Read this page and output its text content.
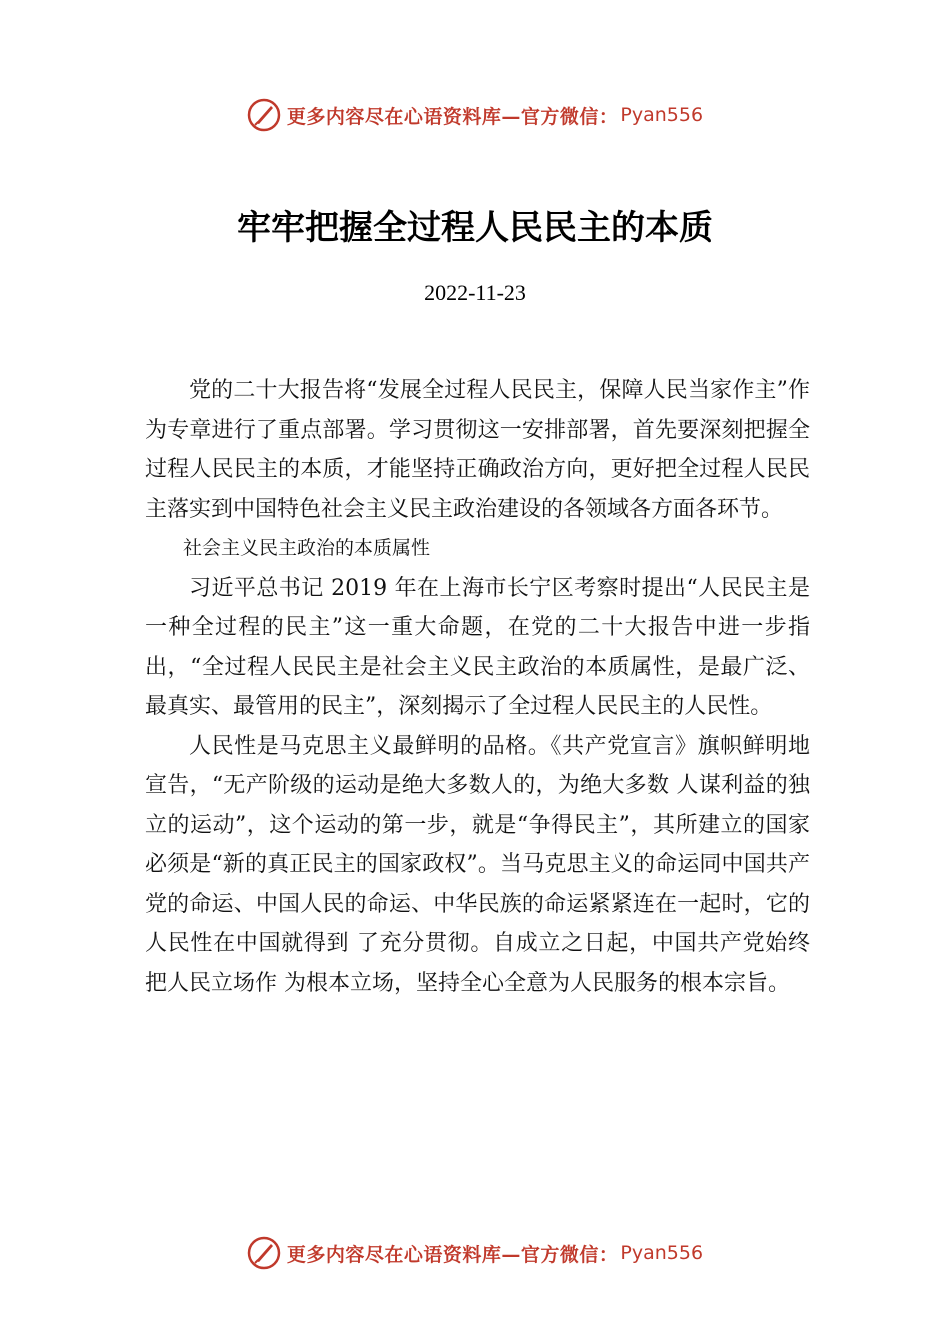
更多内容尽在心语资料库—官方微信： Pyan556
牢牢把握全过程人民民主的本质
2022-11-23

党的二十大报告将“发展全过程人民民主，保障人民当家作主”作为专章进行了重点部署。学习贯彻这一安排部署，首先要深刻把握全过程人民民主的本质，才能坚持正确政治方向，更好把全过程人民民主落实到中国特色社会主义民主政治建设的各领域各方面各环节。

社会主义民主政治的本质属性

习近平总书记 2019 年在上海市长宁区考察时提出“人民民主是一种全过程的民主”这一重大命题，在党的二十大报告中进一步指出，“全过程人民民主是社会主义民主政治的本质属性，是最广泛、最真实、最管用的民主”，深刻揭示了全过程人民民主的人民性。

人民性是马克思主义最鲜明的品格。《共产党宣言》旗帜鲜明地宣告，“无产阶级的运动是绝大多数人的，为绝大多数 人谋利益的独立的运动”，这个运动的第一步，就是“争得民主”，其所建立的国家必须是“新的真正民主的国家政权”。当马克思主义的命运同中国共产党的命运、中国人民的命运、中华民族的命运紧紧连在一起时，它的人民性在中国就得到 了充分贯彻。自成立之日起，中国共产党始终把人民立场作 为根本立场，坚持全心全意为人民服务的根本宗旨。

更多内容尽在心语资料库—官方微信： Pyan556
